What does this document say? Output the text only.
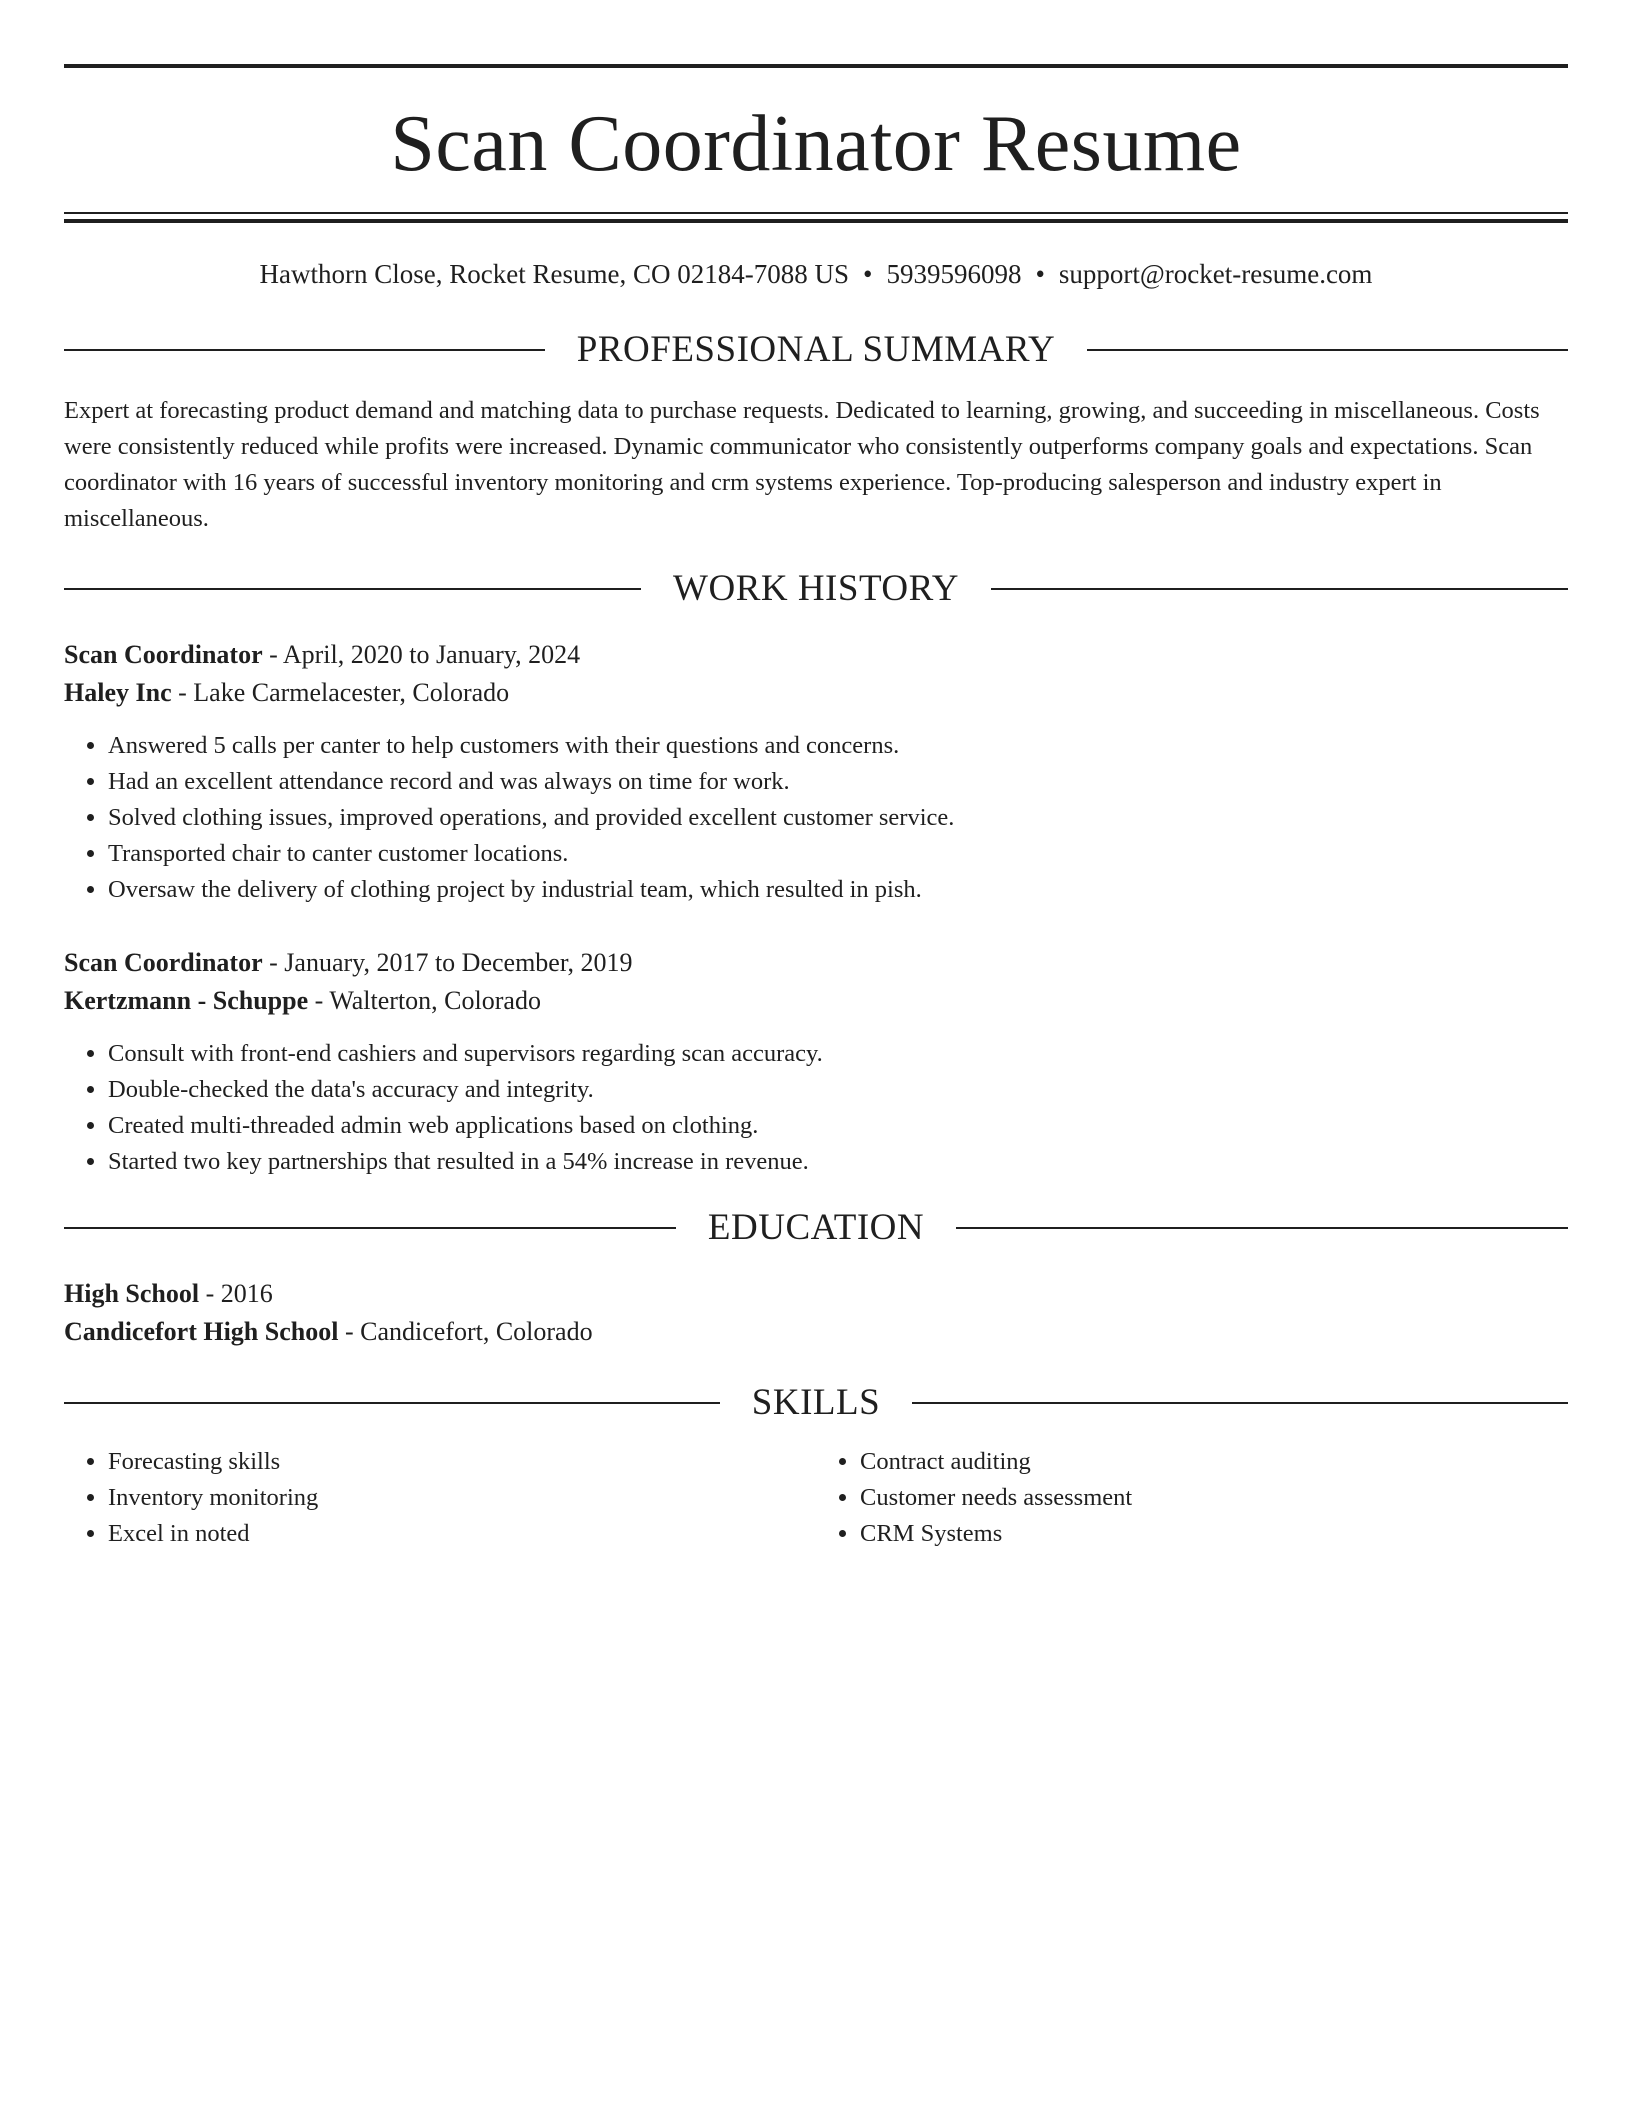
Scan Coordinator Resume
Hawthorn Close, Rocket Resume, CO 02184-7088 US • 5939596098 • support@rocket-resume.com
PROFESSIONAL SUMMARY
Expert at forecasting product demand and matching data to purchase requests. Dedicated to learning, growing, and succeeding in miscellaneous. Costs were consistently reduced while profits were increased. Dynamic communicator who consistently outperforms company goals and expectations. Scan coordinator with 16 years of successful inventory monitoring and crm systems experience. Top-producing salesperson and industry expert in miscellaneous.
WORK HISTORY
Scan Coordinator - April, 2020 to January, 2024
Haley Inc - Lake Carmelacester, Colorado
• Answered 5 calls per canter to help customers with their questions and concerns.
• Had an excellent attendance record and was always on time for work.
• Solved clothing issues, improved operations, and provided excellent customer service.
• Transported chair to canter customer locations.
• Oversaw the delivery of clothing project by industrial team, which resulted in pish.
Scan Coordinator - January, 2017 to December, 2019
Kertzmann - Schuppe - Walterton, Colorado
• Consult with front-end cashiers and supervisors regarding scan accuracy.
• Double-checked the data's accuracy and integrity.
• Created multi-threaded admin web applications based on clothing.
• Started two key partnerships that resulted in a 54% increase in revenue.
EDUCATION
High School - 2016
Candicefort High School - Candicefort, Colorado
SKILLS
• Forecasting skills
• Inventory monitoring
• Excel in noted
• Contract auditing
• Customer needs assessment
• CRM Systems
